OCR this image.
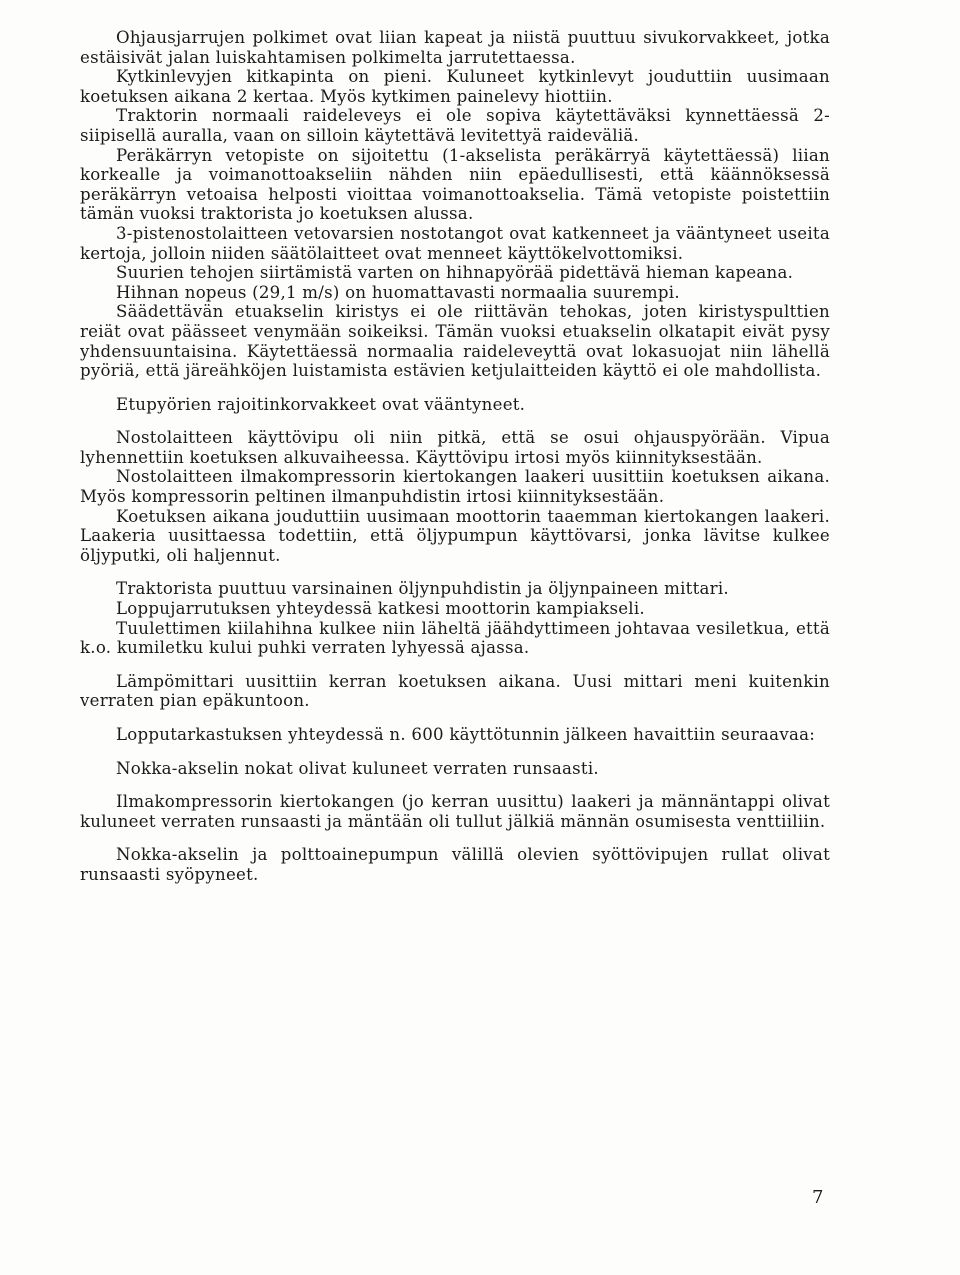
Ohjausjarrujen polkimet ovat liian kapeat ja niistä puuttuu sivukorvakkeet, jotka estäisivät jalan luiskahtamisen polkimelta jarrutettaessa.

Kytkinlevyjen kitkapinta on pieni. Kuluneet kytkinlevyt jouduttiin uusimaan koetuksen aikana 2 kertaa. Myös kytkimen painelevy hiottiin.

Traktorin normaali raideleveys ei ole sopiva käytettäväksi kynnettäessä 2-siipisellä auralla, vaan on silloin käytettävä levitettyä raideväliä.

Peräkärryn vetopiste on sijoitettu (1-akselista peräkärryä käytettäessä) liian korkealle ja voimanottoakseliin nähden niin epäedullisesti, että käännöksessä peräkärryn vetoaisa helposti vioittaa voimanottoakselia. Tämä vetopiste poistettiin tämän vuoksi traktorista jo koetuksen alussa.

3-pistenostolaitteen vetovarsien nostotangot ovat katkenneet ja vääntyneet useita kertoja, jolloin niiden säätölaitteet ovat menneet käyttökelvottomiksi.

Suurien tehojen siirtämistä varten on hihnapyörää pidettävä hieman kapeana.

Hihnan nopeus (29,1 m/s) on huomattavasti normaalia suurempi.

Säädettävän etuakselin kiristys ei ole riittävän tehokas, joten kiristyspulttien reiät ovat päässeet venymään soikeiksi. Tämän vuoksi etuakselin olkatapit eivät pysy yhdensuuntaisina. Käytettäessä normaalia raideleveyttä ovat lokasuojat niin lähellä pyöriä, että järeähköjen luistamista estävien ketjulaitteiden käyttö ei ole mahdollista.

Etupyörien rajoitinkorvakkeet ovat vääntyneet.

Nostolaitteen käyttövipu oli niin pitkä, että se osui ohjauspyörään. Vipua lyhennettiin koetuksen alkuvaiheessa. Käyttövipu irtosi myös kiinnityksestään.

Nostolaitteen ilmakompressorin kiertokangen laakeri uusittiin koetuksen aikana. Myös kompressorin peltinen ilmanpuhdistin irtosi kiinnityksestään.

Koetuksen aikana jouduttiin uusimaan moottorin taaemman kiertokangen laakeri. Laakeria uusittaessa todettiin, että öljypumpun käyttövarsi, jonka lävitse kulkee öljyputki, oli haljennut.

Traktorista puuttuu varsinainen öljynpuhdistin ja öljynpaineen mittari.

Loppujarrutuksen yhteydessä katkesi moottorin kampiakseli.

Tuulettimen kiilahihna kulkee niin läheltä jäähdyttimeen johtavaa vesiletkua, että k.o. kumiletku kului puhki verraten lyhyessä ajassa.

Lämpömittari uusittiin kerran koetuksen aikana. Uusi mittari meni kuitenkin verraten pian epäkuntoon.

Lopputarkastuksen yhteydessä n. 600 käyttötunnin jälkeen havaittiin seuraavaa:

Nokka-akselin nokat olivat kuluneet verraten runsaasti.

Ilmakompressorin kiertokangen (jo kerran uusittu) laakeri ja männäntappi olivat kuluneet verraten runsaasti ja mäntään oli tullut jälkiä männän osumisesta venttiiliin.

Nokka-akselin ja polttoainepumpun välillä olevien syöttövipujen rullat olivat runsaasti syöpyneet.

7
